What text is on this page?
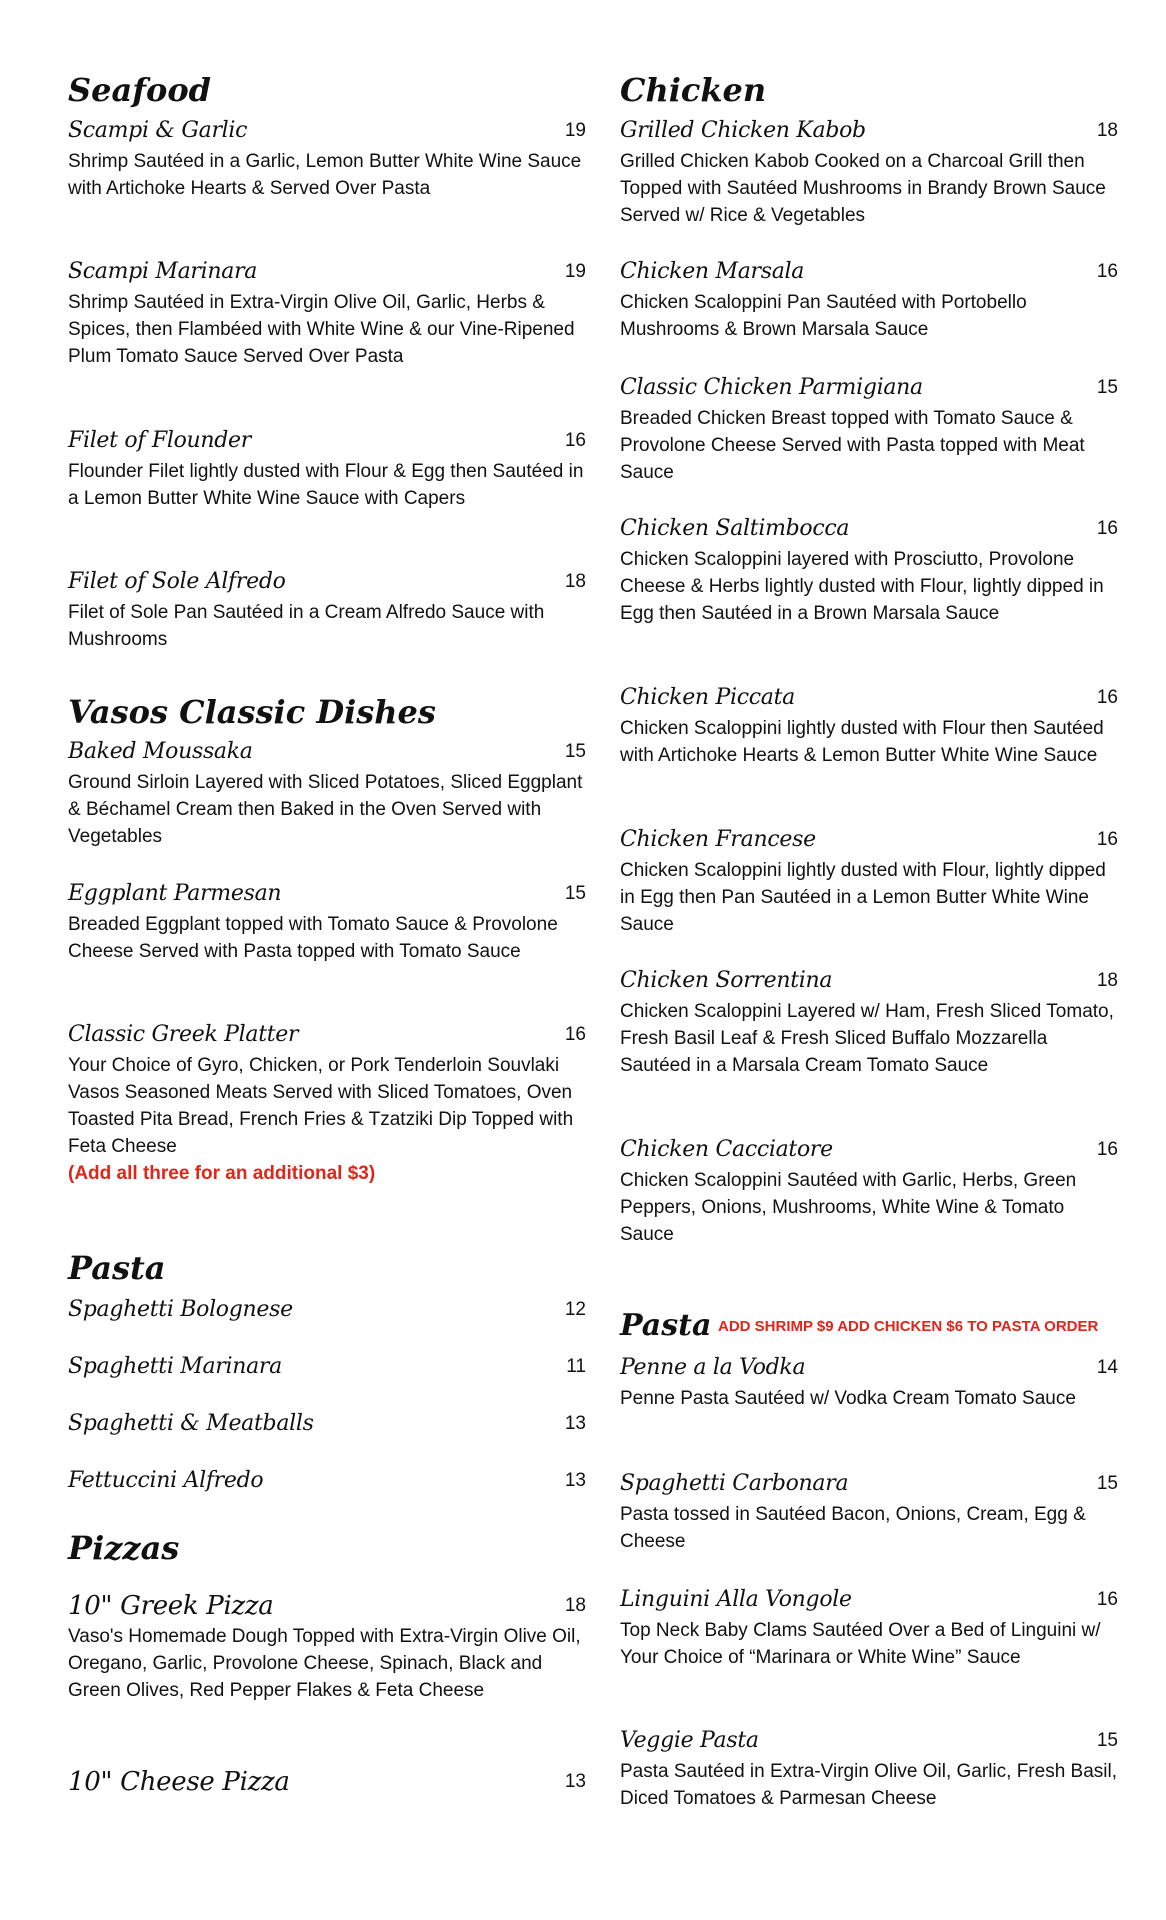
Seafood
Scampi & Garlic	19
Shrimp Sautéed in a Garlic, Lemon Butter White Wine Sauce with Artichoke Hearts & Served Over Pasta
Scampi Marinara	19
Shrimp Sautéed in Extra-Virgin Olive Oil, Garlic, Herbs & Spices, then Flambéed with White Wine & our Vine-Ripened Plum Tomato Sauce Served Over Pasta
Filet of Flounder	16
Flounder Filet lightly dusted with Flour & Egg then Sautéed in a Lemon Butter White Wine Sauce with Capers
Filet of Sole Alfredo	18
Filet of Sole Pan Sautéed in a Cream Alfredo Sauce with Mushrooms
Vasos Classic Dishes
Baked Moussaka	15
Ground Sirloin Layered with Sliced Potatoes, Sliced Eggplant & Béchamel Cream then Baked in the Oven Served with Vegetables
Eggplant Parmesan	15
Breaded Eggplant topped with Tomato Sauce & Provolone Cheese Served with Pasta topped with Tomato Sauce
Classic Greek Platter	16
Your Choice of Gyro, Chicken, or Pork Tenderloin Souvlaki
Vasos Seasoned Meats Served with Sliced Tomatoes, Oven Toasted Pita Bread, French Fries & Tzatziki Dip Topped with Feta Cheese
(Add all three for an additional $3)
Pasta
Spaghetti Bolognese	12
Spaghetti Marinara	11
Spaghetti & Meatballs	13
Fettuccini Alfredo	13
Pizzas
10" Greek Pizza	18
Vaso's Homemade Dough Topped with Extra-Virgin Olive Oil, Oregano, Garlic, Provolone Cheese, Spinach, Black and Green Olives, Red Pepper Flakes & Feta Cheese
10" Cheese Pizza	13
Chicken
Grilled Chicken Kabob	18
Grilled Chicken Kabob Cooked on a Charcoal Grill then Topped with Sautéed Mushrooms in Brandy Brown Sauce Served w/ Rice & Vegetables
Chicken Marsala	16
Chicken Scaloppini Pan Sautéed with Portobello Mushrooms & Brown Marsala Sauce
Classic Chicken Parmigiana	15
Breaded Chicken Breast topped with Tomato Sauce & Provolone Cheese Served with Pasta topped with Meat Sauce
Chicken Saltimbocca	16
Chicken Scaloppini layered with Prosciutto, Provolone Cheese & Herbs lightly dusted with Flour, lightly dipped in Egg then Sautéed in a Brown Marsala Sauce
Chicken Piccata	16
Chicken Scaloppini lightly dusted with Flour then Sautéed with Artichoke Hearts & Lemon Butter White Wine Sauce
Chicken Francese	16
Chicken Scaloppini lightly dusted with Flour, lightly dipped in Egg then Pan Sautéed in a Lemon Butter White Wine Sauce
Chicken Sorrentina	18
Chicken Scaloppini Layered w/ Ham, Fresh Sliced Tomato, Fresh Basil Leaf & Fresh Sliced Buffalo Mozzarella Sautéed in a Marsala Cream Tomato Sauce
Chicken Cacciatore	16
Chicken Scaloppini Sautéed with Garlic, Herbs, Green Peppers, Onions, Mushrooms, White Wine & Tomato Sauce
Pasta ADD SHRIMP $9 ADD CHICKEN $6 TO PASTA ORDER
Penne a la Vodka	14
Penne Pasta Sautéed w/ Vodka Cream Tomato Sauce
Spaghetti Carbonara	15
Pasta tossed in Sautéed Bacon, Onions, Cream, Egg & Cheese
Linguini Alla Vongole	16
Top Neck Baby Clams Sautéed Over a Bed of Linguini w/ Your Choice of “Marinara or White Wine” Sauce
Veggie Pasta	15
Pasta Sautéed in Extra-Virgin Olive Oil, Garlic, Fresh Basil, Diced Tomatoes & Parmesan Cheese
